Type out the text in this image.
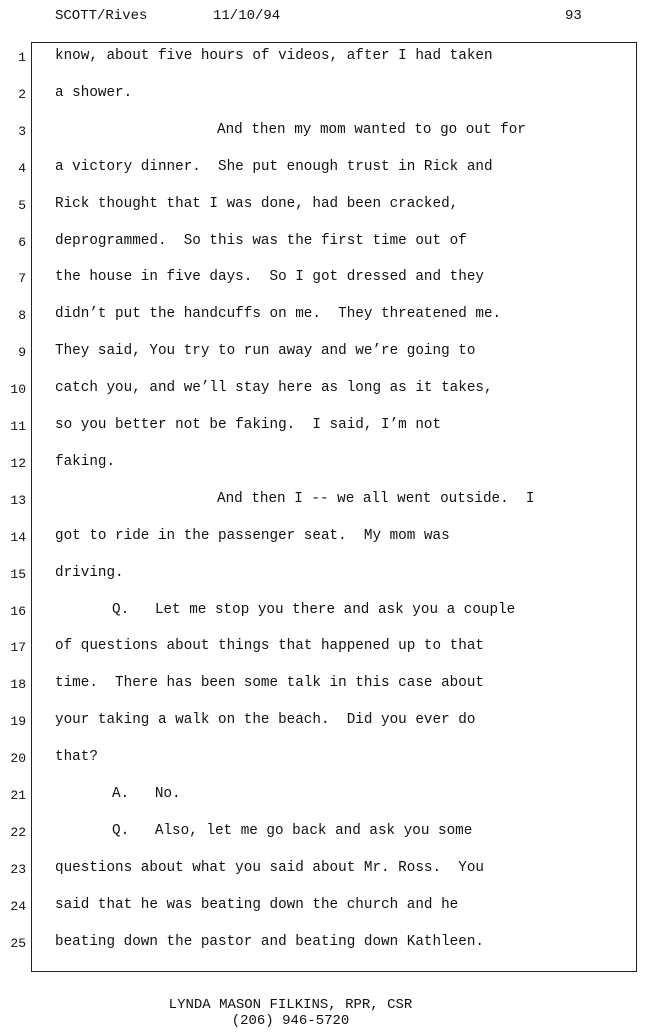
SCOTT/Rives	11/10/94	93
1 know, about five hours of videos, after I had taken
2 a shower.
3	And then my mom wanted to go out for
4 a victory dinner.  She put enough trust in Rick and
5 Rick thought that I was done, had been cracked,
6 deprogrammed.  So this was the first time out of
7 the house in five days.  So I got dressed and they
8 didn’t put the handcuffs on me.  They threatened me.
9 They said, You try to run away and we’re going to
10 catch you, and we’ll stay here as long as it takes,
11 so you better not be faking.  I said, I’m not
12 faking.
13	And then I -- we all went outside.  I
14 got to ride in the passenger seat.  My mom was
15 driving.
16	Q.   Let me stop you there and ask you a couple
17 of questions about things that happened up to that
18 time.  There has been some talk in this case about
19 your taking a walk on the beach.  Did you ever do
20 that?
21	A.   No.
22	Q.   Also, let me go back and ask you some
23 questions about what you said about Mr. Ross.  You
24 said that he was beating down the church and he
25 beating down the pastor and beating down Kathleen.
LYNDA MASON FILKINS, RPR, CSR
(206) 946-5720
